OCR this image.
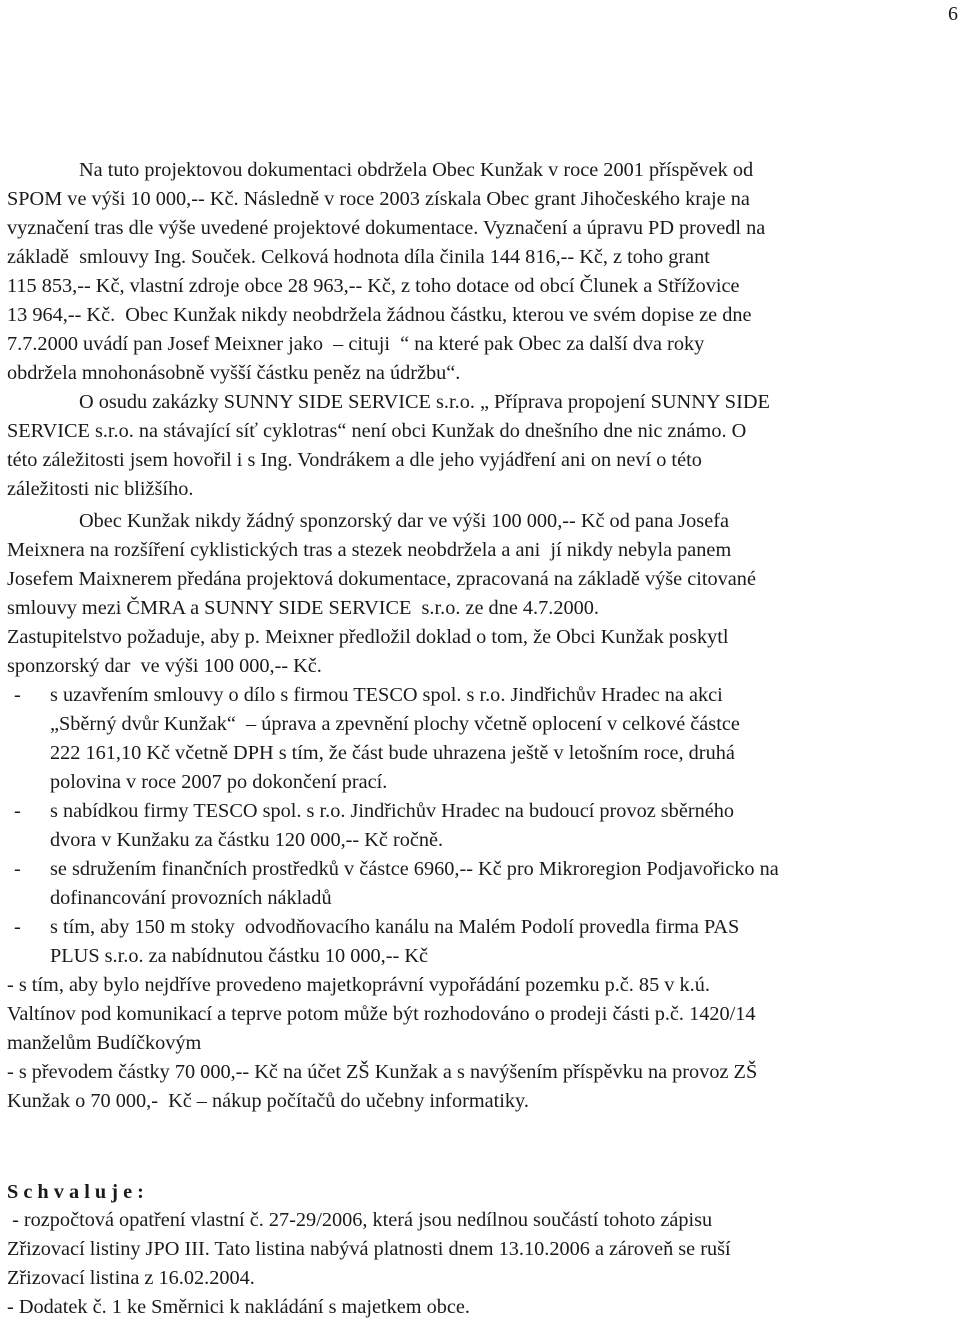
6
Na tuto projektovou dokumentaci obdržela Obec Kunžak v roce 2001 příspěvek od
SPOM ve výši 10 000,-- Kč. Následně v roce 2003 získala Obec grant Jihočeského kraje na
vyznačení tras dle výše uvedené projektové dokumentace. Vyznačení a úpravu PD provedl na
základě  smlouvy Ing. Souček. Celková hodnota díla činila 144 816,-- Kč, z toho grant
115 853,-- Kč, vlastní zdroje obce 28 963,-- Kč, z toho dotace od obcí Člunek a Střížovice
13 964,-- Kč.  Obec Kunžak nikdy neobdržela žádnou částku, kterou ve svém dopise ze dne
7.7.2000 uvádí pan Josef Meixner jako  – cituji  “ na které pak Obec za další dva roky
obdržela mnohonásobně vyšší částku peněz na údržbu“.
O osudu zakázky SUNNY SIDE SERVICE s.r.o. „ Příprava propojení SUNNY SIDE
SERVICE s.r.o. na stávající síť cyklotras“ není obci Kunžak do dnešního dne nic známo. O
této záležitosti jsem hovořil i s Ing. Vondrákem a dle jeho vyjádření ani on neví o této
záležitosti nic bližšího.
Obec Kunžak nikdy žádný sponzorský dar ve výši 100 000,-- Kč od pana Josefa
Meixnera na rozšíření cyklistických tras a stezek neobdržela a ani  jí nikdy nebyla panem
Josefem Maixnerem předána projektová dokumentace, zpracovaná na základě výše citované
smlouvy mezi ČMRA a SUNNY SIDE SERVICE  s.r.o. ze dne 4.7.2000.
Zastupitelstvo požaduje, aby p. Meixner předložil doklad o tom, že Obci Kunžak poskytl
sponzorský dar  ve výši 100 000,-- Kč.
- s uzavřením smlouvy o dílo s firmou TESCO spol. s r.o. Jindřichův Hradec na akci
„Sběrný dvůr Kunžak“  – úprava a zpevnění plochy včetně oplocení v celkové částce
222 161,10 Kč včetně DPH s tím, že část bude uhrazena ještě v letošním roce, druhá
polovina v roce 2007 po dokončení prací.
- s nabídkou firmy TESCO spol. s r.o. Jindřichův Hradec na budoucí provoz sběrného
dvora v Kunžaku za částku 120 000,-- Kč ročně.
- se sdružením finančních prostředků v částce 6960,-- Kč pro Mikroregion Podjavořicko na
dofinancování provozních nákladů
- s tím, aby 150 m stoky  odvodňovacího kanálu na Malém Podolí provedla firma PAS
PLUS s.r.o. za nabídnutou částku 10 000,-- Kč
- s tím, aby bylo nejdříve provedeno majetkoprávní vypořádání pozemku p.č. 85 v k.ú.
Valtínov pod komunikací a teprve potom může být rozhodováno o prodeji části p.č. 1420/14
manželům Budíčkovým
- s převodem částky 70 000,-- Kč na účet ZŠ Kunžak a s navýšením příspěvku na provoz ZŠ
Kunžak o 70 000,-  Kč – nákup počítačů do učebny informatiky.
S c h v a l u j e :
- rozpočtová opatření vlastní č. 27-29/2006, která jsou nedílnou součástí tohoto zápisu
Zřizovací listiny JPO III. Tato listina nabývá platnosti dnem 13.10.2006 a zároveň se ruší
Zřizovací listina z 16.02.2004.
- Dodatek č. 1 ke Směrnici k nakládání s majetkem obce.
